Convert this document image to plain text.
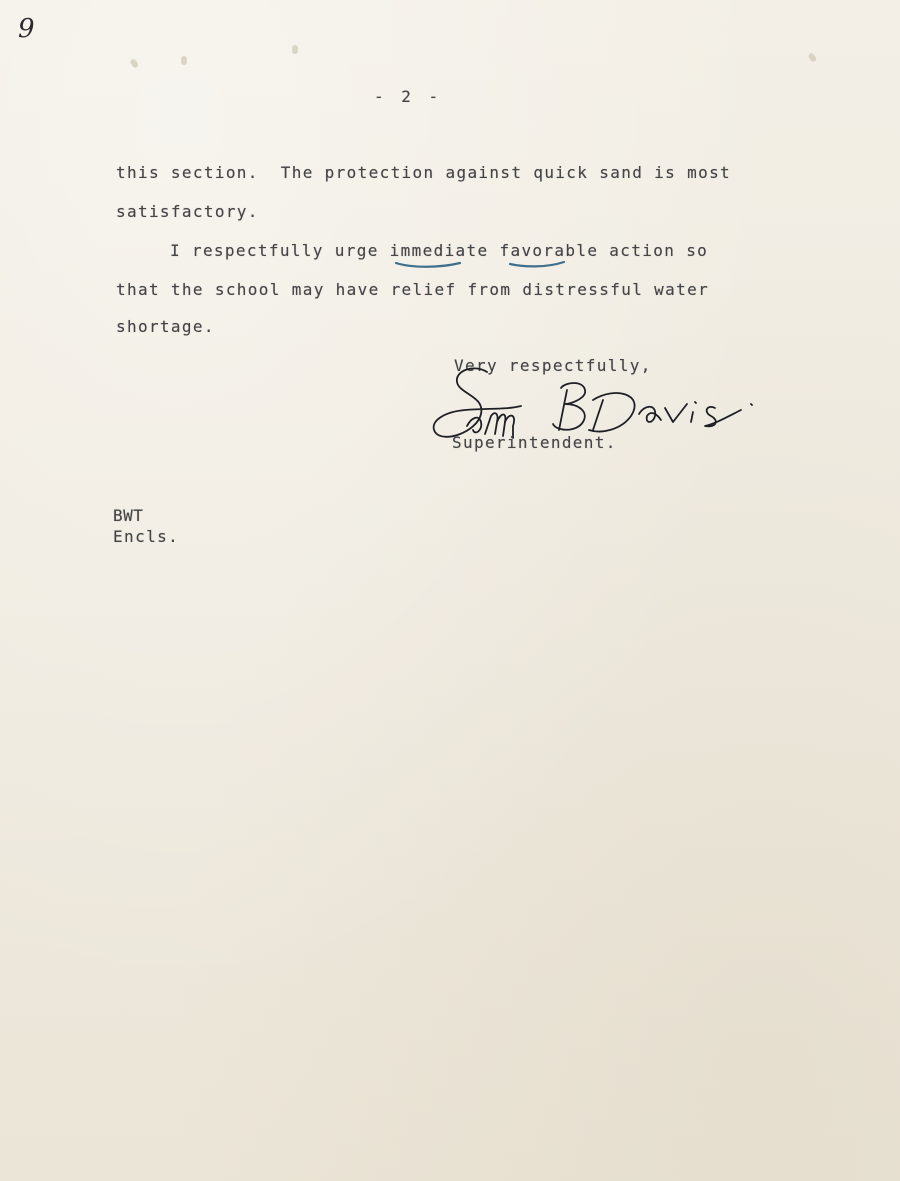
9
- 2 -
this section.  The protection against quick sand is most
satisfactory.
I respectfully urge immediate favorable action so
that the school may have relief from distressful water
shortage.
Very respectfully,
Superintendent.
BWT
Encls.
